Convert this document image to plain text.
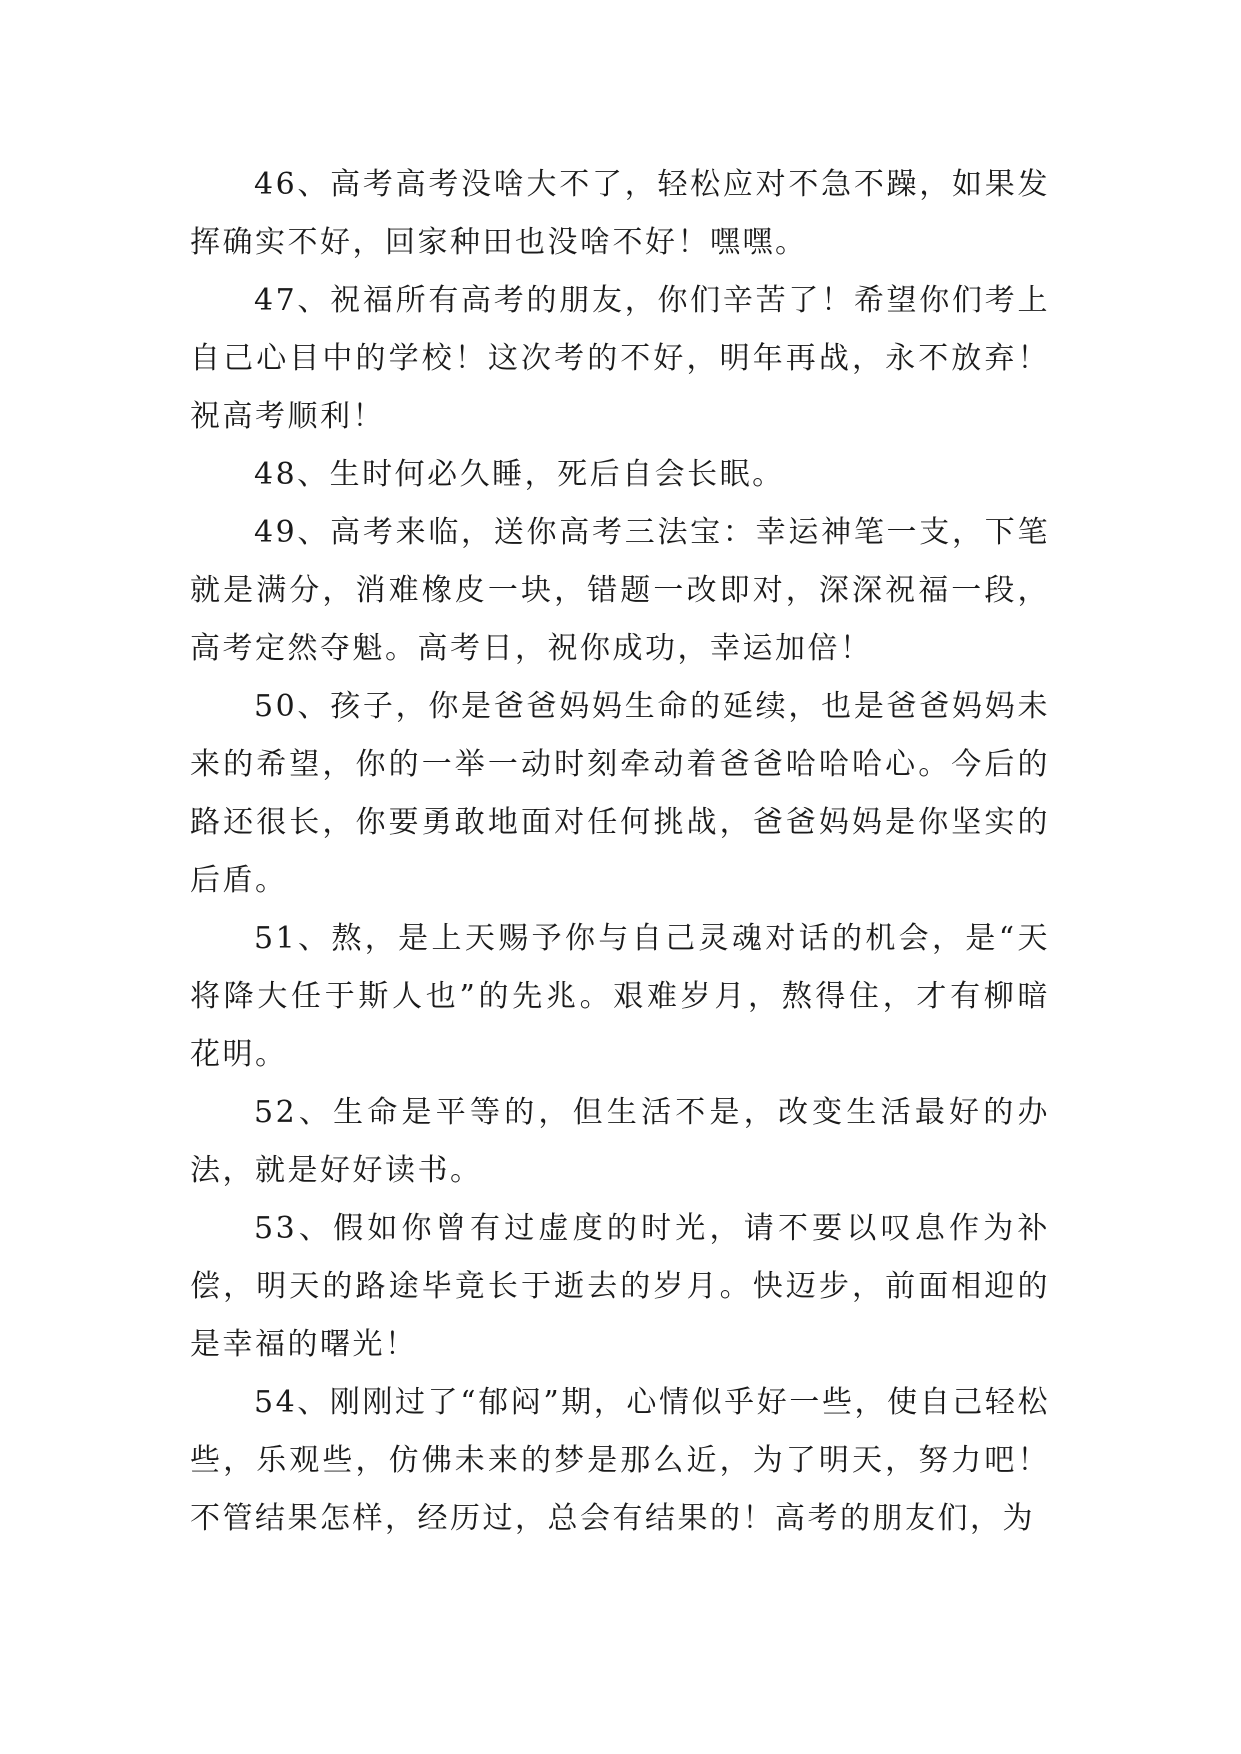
46、高考高考没啥大不了，轻松应对不急不躁，如果发挥确实不好，回家种田也没啥不好！嘿嘿。

47、祝福所有高考的朋友，你们辛苦了！希望你们考上自己心目中的学校！这次考的不好，明年再战，永不放弃！祝高考顺利！

48、生时何必久睡，死后自会长眠。

49、高考来临，送你高考三法宝：幸运神笔一支，下笔就是满分，消难橡皮一块，错题一改即对，深深祝福一段，高考定然夺魁。高考日，祝你成功，幸运加倍！

50、孩子，你是爸爸妈妈生命的延续，也是爸爸妈妈未来的希望，你的一举一动时刻牵动着爸爸哈哈哈心。今后的路还很长，你要勇敢地面对任何挑战，爸爸妈妈是你坚实的后盾。

51、熬，是上天赐予你与自己灵魂对话的机会，是“天将降大任于斯人也”的先兆。艰难岁月，熬得住，才有柳暗花明。

52、生命是平等的，但生活不是，改变生活最好的办法，就是好好读书。

53、假如你曾有过虚度的时光，请不要以叹息作为补偿，明天的路途毕竟长于逝去的岁月。快迈步，前面相迎的是幸福的曙光！

54、刚刚过了“郁闷”期，心情似乎好一些，使自己轻松些，乐观些，仿佛未来的梦是那么近，为了明天，努力吧！不管结果怎样，经历过，总会有结果的！高考的朋友们，为
